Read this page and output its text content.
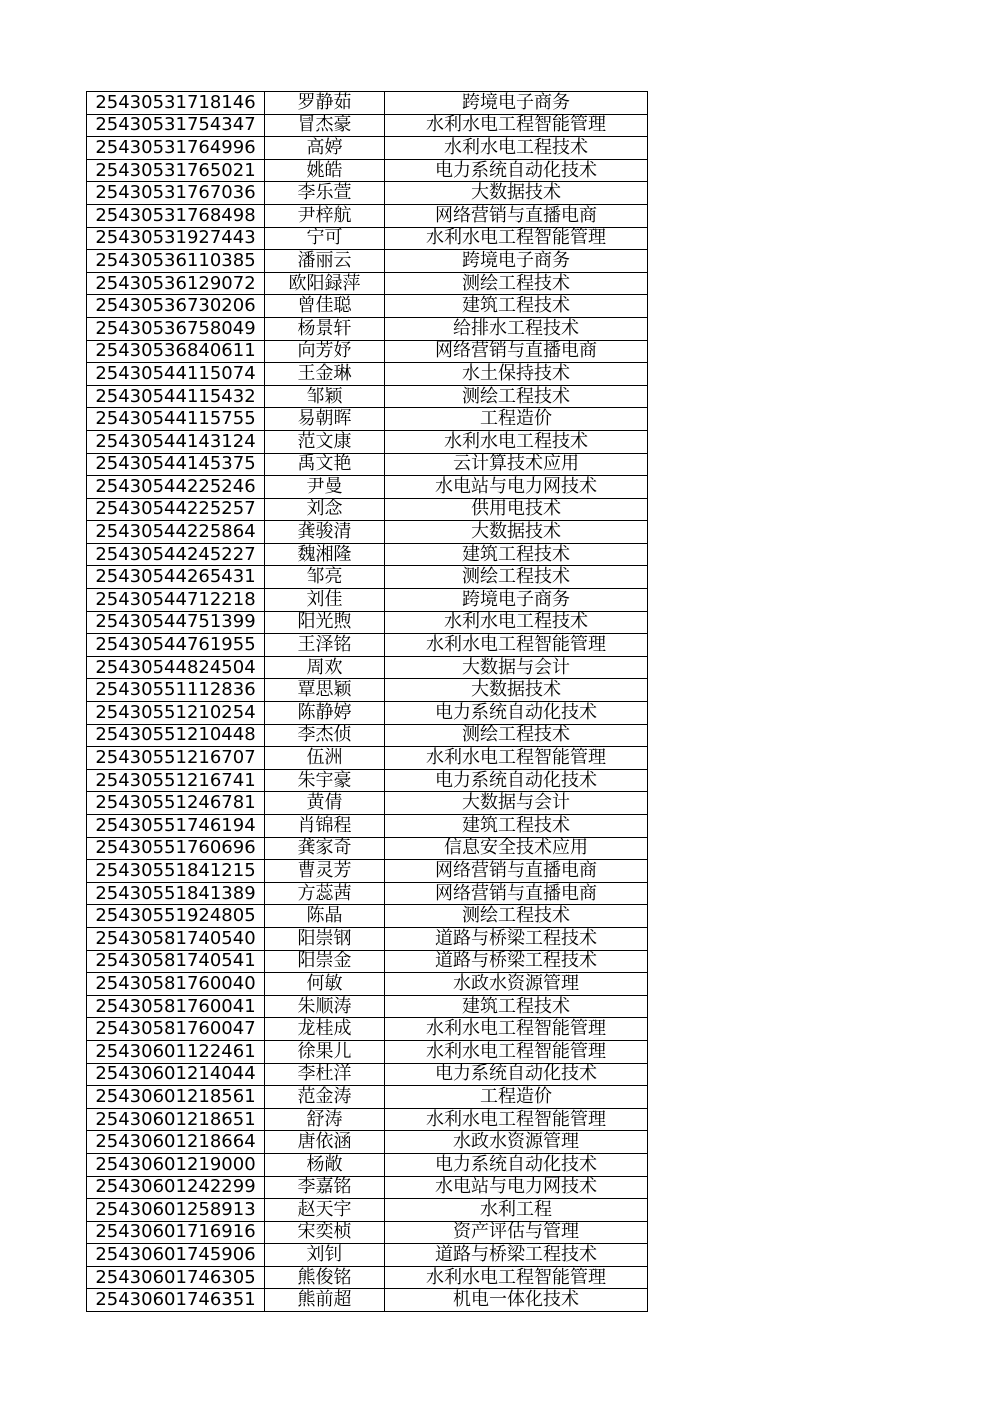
25430531718146	罗静茹	跨境电子商务
25430531754347	冒杰豪	水利水电工程智能管理
25430531764996	高婷	水利水电工程技术
25430531765021	姚皓	电力系统自动化技术
25430531767036	李乐萱	大数据技术
25430531768498	尹梓航	网络营销与直播电商
25430531927443	宁可	水利水电工程智能管理
25430536110385	潘丽云	跨境电子商务
25430536129072	欧阳録萍	测绘工程技术
25430536730206	曾佳聪	建筑工程技术
25430536758049	杨景轩	给排水工程技术
25430536840611	向芳妤	网络营销与直播电商
25430544115074	王金琳	水土保持技术
25430544115432	邹颖	测绘工程技术
25430544115755	易朝晖	工程造价
25430544143124	范文康	水利水电工程技术
25430544145375	禹文艳	云计算技术应用
25430544225246	尹曼	水电站与电力网技术
25430544225257	刘念	供用电技术
25430544225864	龚骏清	大数据技术
25430544245227	魏湘隆	建筑工程技术
25430544265431	邹亮	测绘工程技术
25430544712218	刘佳	跨境电子商务
25430544751399	阳光煦	水利水电工程技术
25430544761955	王泽铭	水利水电工程智能管理
25430544824504	周欢	大数据与会计
25430551112836	覃思颖	大数据技术
25430551210254	陈静婷	电力系统自动化技术
25430551210448	李杰侦	测绘工程技术
25430551216707	伍洲	水利水电工程智能管理
25430551216741	朱宇豪	电力系统自动化技术
25430551246781	黄倩	大数据与会计
25430551746194	肖锦程	建筑工程技术
25430551760696	龚家奇	信息安全技术应用
25430551841215	曹灵芳	网络营销与直播电商
25430551841389	方蕊茜	网络营销与直播电商
25430551924805	陈晶	测绘工程技术
25430581740540	阳崇钢	道路与桥梁工程技术
25430581740541	阳崇金	道路与桥梁工程技术
25430581760040	何敏	水政水资源管理
25430581760041	朱顺涛	建筑工程技术
25430581760047	龙桂成	水利水电工程智能管理
25430601122461	徐果儿	水利水电工程智能管理
25430601214044	李杜洋	电力系统自动化技术
25430601218561	范金涛	工程造价
25430601218651	舒涛	水利水电工程智能管理
25430601218664	唐依涵	水政水资源管理
25430601219000	杨敞	电力系统自动化技术
25430601242299	李嘉铭	水电站与电力网技术
25430601258913	赵天宇	水利工程
25430601716916	宋奕桢	资产评估与管理
25430601745906	刘钊	道路与桥梁工程技术
25430601746305	熊俊铭	水利水电工程智能管理
25430601746351	熊前超	机电一体化技术
